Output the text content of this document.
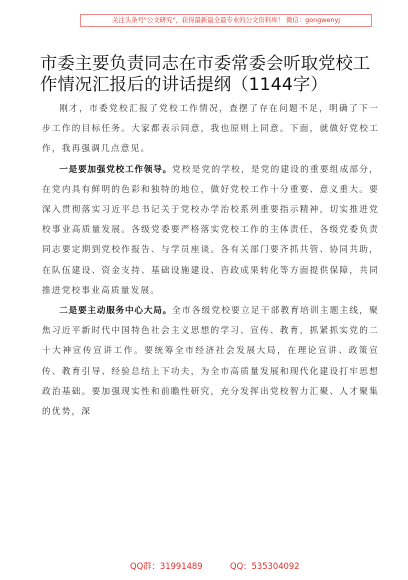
关注头条号"公文研究"，获得最新最全最专业的公文资料库！ 微信：gongwenyj
市委主要负责同志在市委常委会听取党校工作情况汇报后的讲话提纲（1144字）

刚才，市委党校汇报了党校工作情况，查摆了存在问题不足，明确了下一步工作的目标任务。大家都表示同意，我也原则上同意。下面，就做好党校工作，我再强调几点意见。

一是要加强党校工作领导。党校是党的学校，是党的建设的重要组成部分，在党内具有鲜明的色彩和独特的地位，做好党校工作十分重要、意义重大。要深入贯彻落实习近平总书记关于党校办学治校系列重要指示精神，切实推进党校事业高质量发展。各级党委要严格落实党校工作的主体责任，各级党委负责同志要定期到党校作报告、与学员座谈。各有关部门要齐抓共管、协同共助，在队伍建设、资金支持、基础设施建设、咨政成果转化等方面提供保障，共同推进党校事业高质量发展。

二是要主动服务中心大局。全市各级党校要立足干部教育培训主题主线，聚焦习近平新时代中国特色社会主义思想的学习、宣传、教育，抓紧抓实党的二十大神宣传宣讲工作。要统筹全市经济社会发展大局，在理论宣讲、政策宣传、教育引导、经验总结上下功夫，为全市高质量发展和现代化建设打牢思想政治基础。要加强现实性和前瞻性研究，充分发挥出党校智力汇聚、人才聚集的优势，深

QQ群：31991489	QQ：535304092
